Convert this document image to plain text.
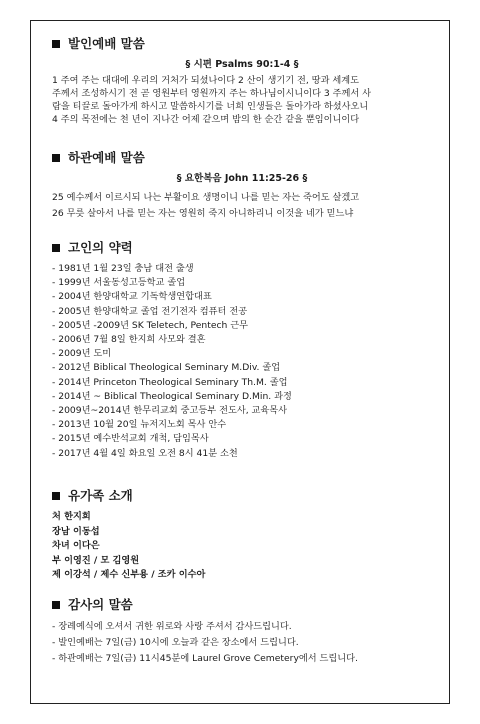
발인예배 말씀
§ 시편 Psalms 90:1-4 §
1 주여 주는 대대에 우리의 거처가 되셨나이다 2 산이 생기기 전, 땅과 세계도
주께서 조성하시기 전 곧 영원부터 영원까지 주는 하나님이시니이다 3 주께서 사
람을 티끌로 돌아가게 하시고 말씀하시기를 너희 인생들은 돌아가라 하셨사오니
4 주의 목전에는 천 년이 지나간 어제 같으며 밤의 한 순간 같을 뿐임이니이다
하관예배 말씀
§ 요한복음 John 11:25-26 §
25 예수께서 이르시되 나는 부활이요 생명이니 나를 믿는 자는 죽어도 살겠고
26 무릇 살아서 나를 믿는 자는 영원히 죽지 아니하리니 이것을 네가 믿느냐
고인의 약력
- 1981년 1월 23일 충남 대전 출생
- 1999년 서울동성고등학교 졸업
- 2004년 한양대학교 기독학생연합대표
- 2005년 한양대학교 졸업 전기전자 컴퓨터 전공
- 2005년 -2009년 SK Teletech, Pentech 근무
- 2006년 7월 8일 한지희 사모와 결혼
- 2009년 도미
- 2012년 Biblical Theological Seminary M.Div. 졸업
- 2014년 Princeton Theological Seminary Th.M. 졸업
- 2014년 ~ Biblical Theological Seminary D.Min. 과정
- 2009년~2014년 한무리교회 중고등부 전도사, 교육목사
- 2013년 10월 20일 뉴저지노회 목사 안수
- 2015년 예수반석교회 개척, 담임목사
- 2017년 4월 4일 화요일 오전 8시 41분 소천
유가족 소개
처 한지희
장남 이동섭
차녀 이다은
부 이영진 / 모 김영원
제 이강석 / 제수 신부용 / 조카 이수아
감사의 말씀
- 장례예식에 오셔서 귀한 위로와 사랑 주셔서 감사드립니다.
- 발인예배는 7일(금) 10시에 오늘과 같은 장소에서 드립니다.
- 하관예배는 7일(금) 11시45분에 Laurel Grove Cemetery에서 드립니다.
